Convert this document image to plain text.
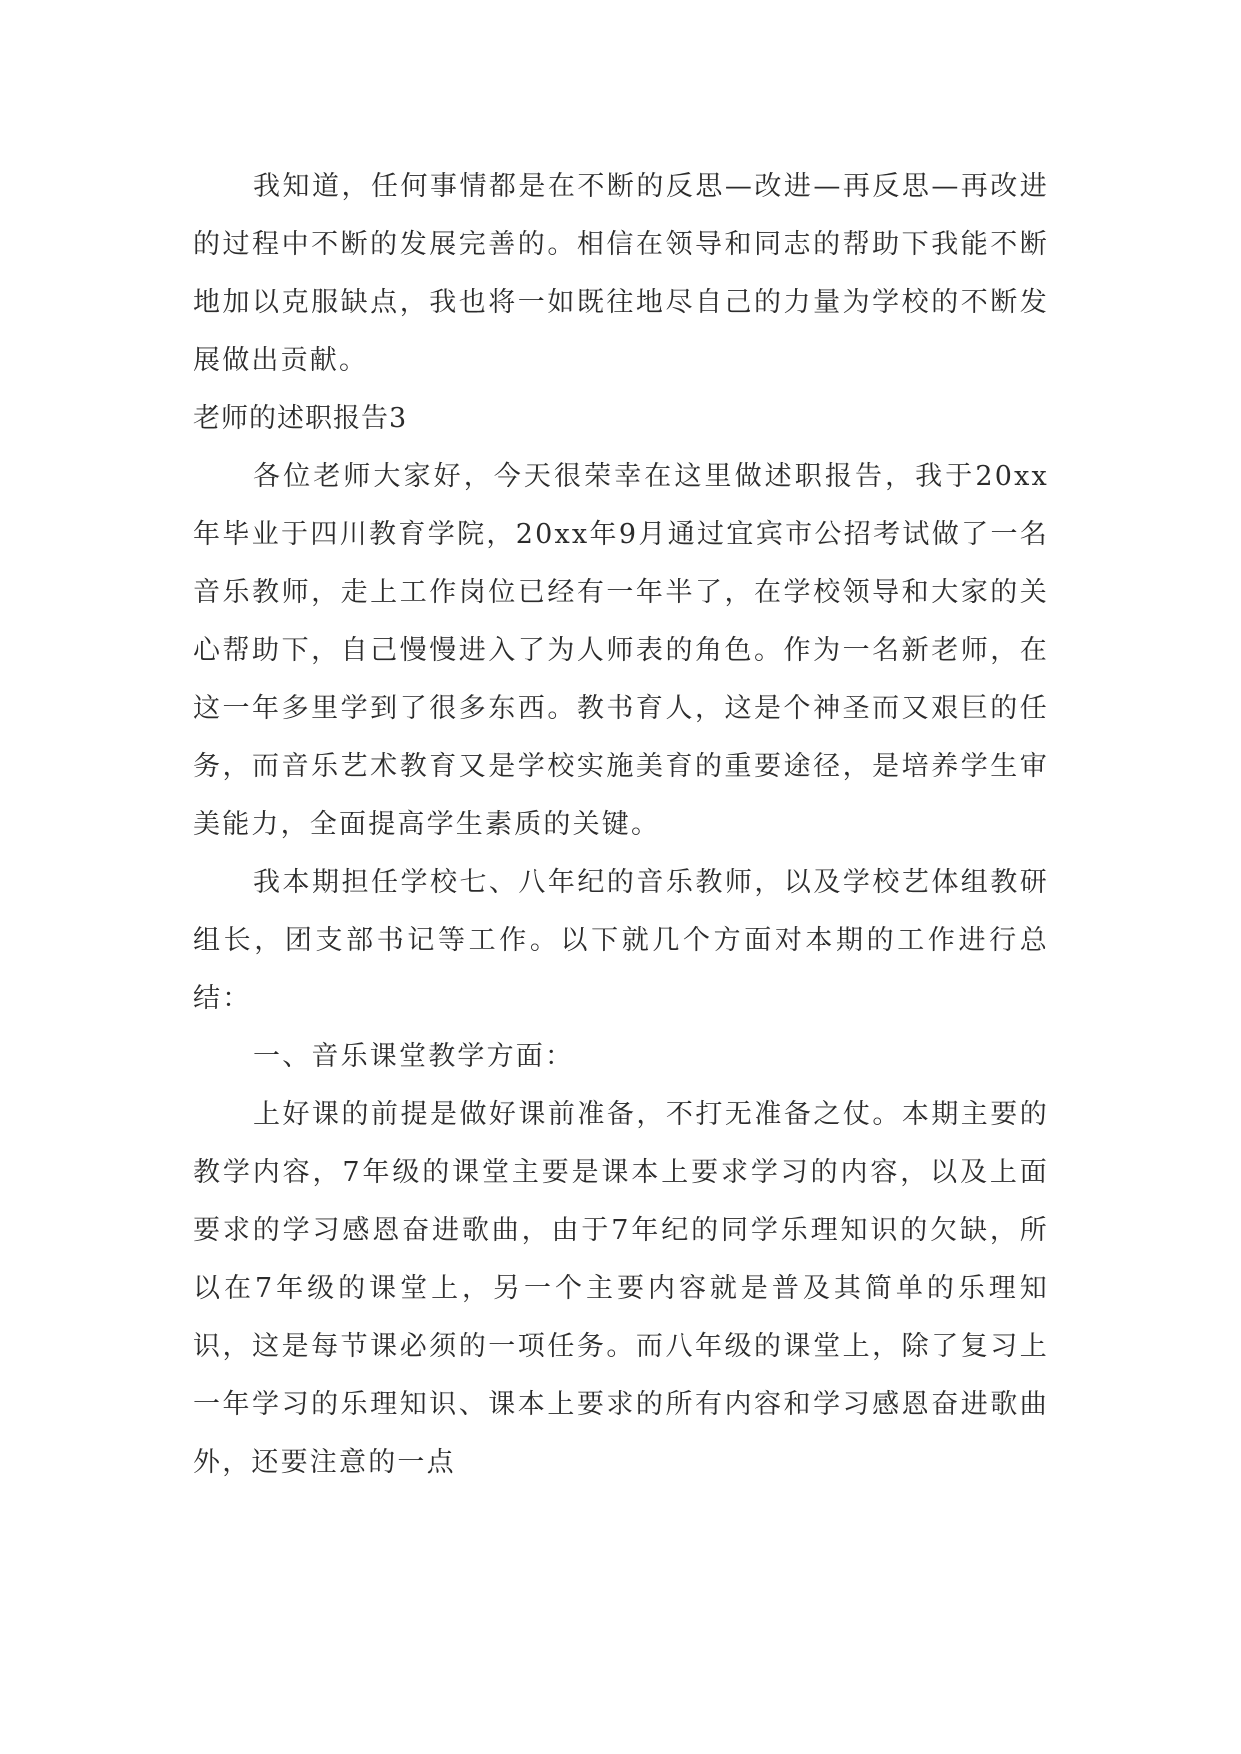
我知道，任何事情都是在不断的反思—改进—再反思—再改进的过程中不断的发展完善的。相信在领导和同志的帮助下我能不断地加以克服缺点，我也将一如既往地尽自己的力量为学校的不断发展做出贡献。

老师的述职报告3

各位老师大家好，今天很荣幸在这里做述职报告，我于20xx年毕业于四川教育学院，20xx年9月通过宜宾市公招考试做了一名音乐教师，走上工作岗位已经有一年半了，在学校领导和大家的关心帮助下，自己慢慢进入了为人师表的角色。作为一名新老师，在这一年多里学到了很多东西。教书育人，这是个神圣而又艰巨的任务，而音乐艺术教育又是学校实施美育的重要途径，是培养学生审美能力，全面提高学生素质的关键。

我本期担任学校七、八年纪的音乐教师，以及学校艺体组教研组长，团支部书记等工作。以下就几个方面对本期的工作进行总结：

一、音乐课堂教学方面：

上好课的前提是做好课前准备，不打无准备之仗。本期主要的教学内容，7年级的课堂主要是课本上要求学习的内容，以及上面要求的学习感恩奋进歌曲，由于7年纪的同学乐理知识的欠缺，所以在7年级的课堂上，另一个主要内容就是普及其简单的乐理知识，这是每节课必须的一项任务。而八年级的课堂上，除了复习上一年学习的乐理知识、课本上要求的所有内容和学习感恩奋进歌曲外，还要注意的一点
